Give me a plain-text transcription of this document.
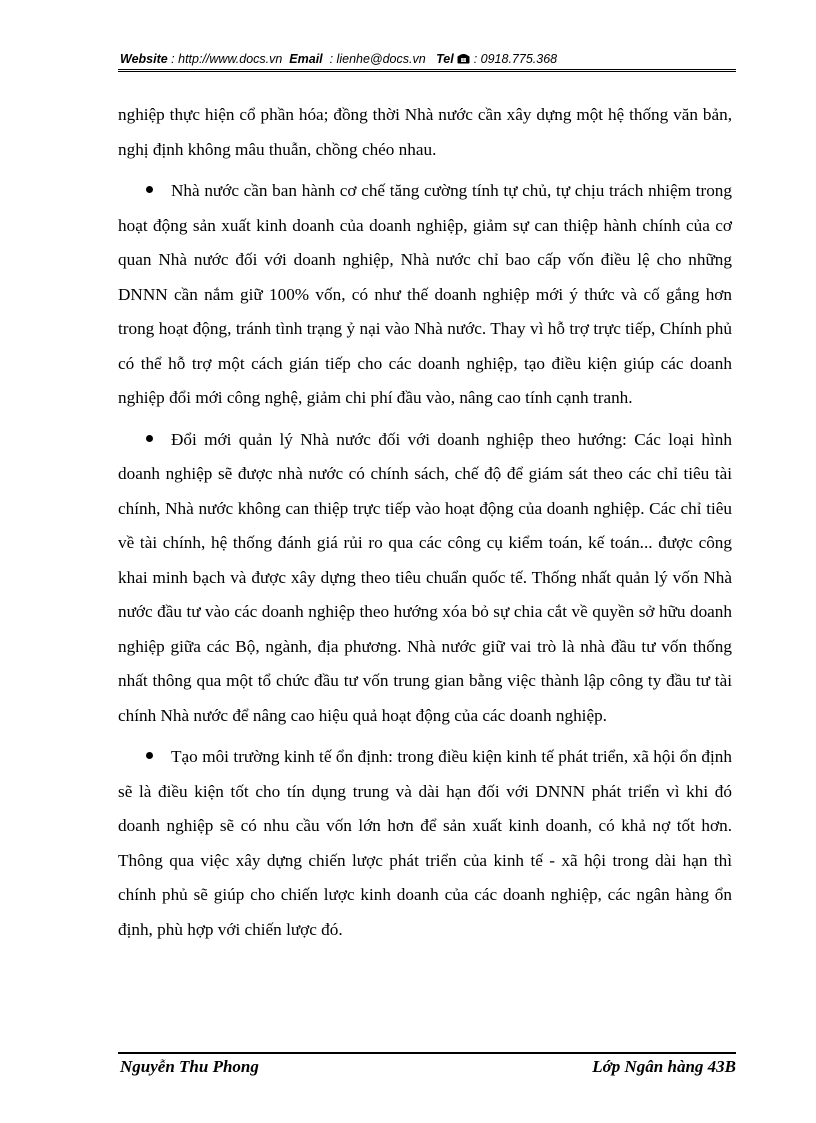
Website : http://www.docs.vn Email  : lienhe@docs.vn Tel  : 0918.775.368

nghiệp thực hiện cổ phần hóa; đồng thời Nhà nước cần xây dựng một hệ thống văn bản, nghị định không mâu thuẫn, chồng chéo nhau.

Nhà nước cần ban hành cơ chế tăng cường tính tự chủ, tự chịu trách nhiệm trong hoạt động sản xuất kinh doanh của doanh nghiệp, giảm sự can thiệp hành chính của cơ quan Nhà nước đối với doanh nghiệp, Nhà nước chỉ bao cấp vốn điều lệ cho những DNNN cần nắm giữ 100% vốn, có như thế doanh nghiệp mới ý thức và cố gắng hơn trong hoạt động, tránh tình trạng ỷ nại vào Nhà nước. Thay vì hỗ trợ trực tiếp, Chính phủ có thể hỗ trợ một cách gián tiếp cho các doanh nghiệp, tạo điều kiện giúp các doanh nghiệp đổi mới công nghệ, giảm chi phí đầu vào, nâng cao tính cạnh tranh.

Đổi mới quản lý Nhà nước đối với doanh nghiệp theo hướng: Các loại hình doanh nghiệp sẽ được nhà nước có chính sách, chế độ để giám sát theo các chỉ tiêu tài chính, Nhà nước không can thiệp trực tiếp vào hoạt động của doanh nghiệp. Các chỉ tiêu về tài chính, hệ thống đánh giá rủi ro qua các công cụ kiểm toán, kế toán... được công khai minh bạch và được xây dựng theo tiêu chuẩn quốc tế. Thống nhất quản lý vốn Nhà nước đầu tư vào các doanh nghiệp theo hướng xóa bỏ sự chia cắt về quyền sở hữu doanh nghiệp giữa các Bộ, ngành, địa phương. Nhà nước giữ vai trò là nhà đầu tư vốn thống nhất thông qua một tổ chức đầu tư vốn trung gian bằng việc thành lập công ty đầu tư tài chính Nhà nước để nâng cao hiệu quả hoạt động của các doanh nghiệp.

Tạo môi trường kinh tế ổn định: trong điều kiện kinh tế phát triển, xã hội ổn định sẽ là điều kiện tốt cho tín dụng trung và dài hạn đối với DNNN phát triển vì khi đó doanh nghiệp sẽ có nhu cầu vốn lớn hơn để sản xuất kinh doanh, có khả nợ tốt hơn. Thông qua việc xây dựng chiến lược phát triển của kinh tế - xã hội trong dài hạn thì chính phủ sẽ giúp cho chiến lược kinh doanh của các doanh nghiệp, các ngân hàng ổn định, phù hợp với chiến lược đó.

Nguyễn Thu Phong	Lớp Ngân hàng 43B
